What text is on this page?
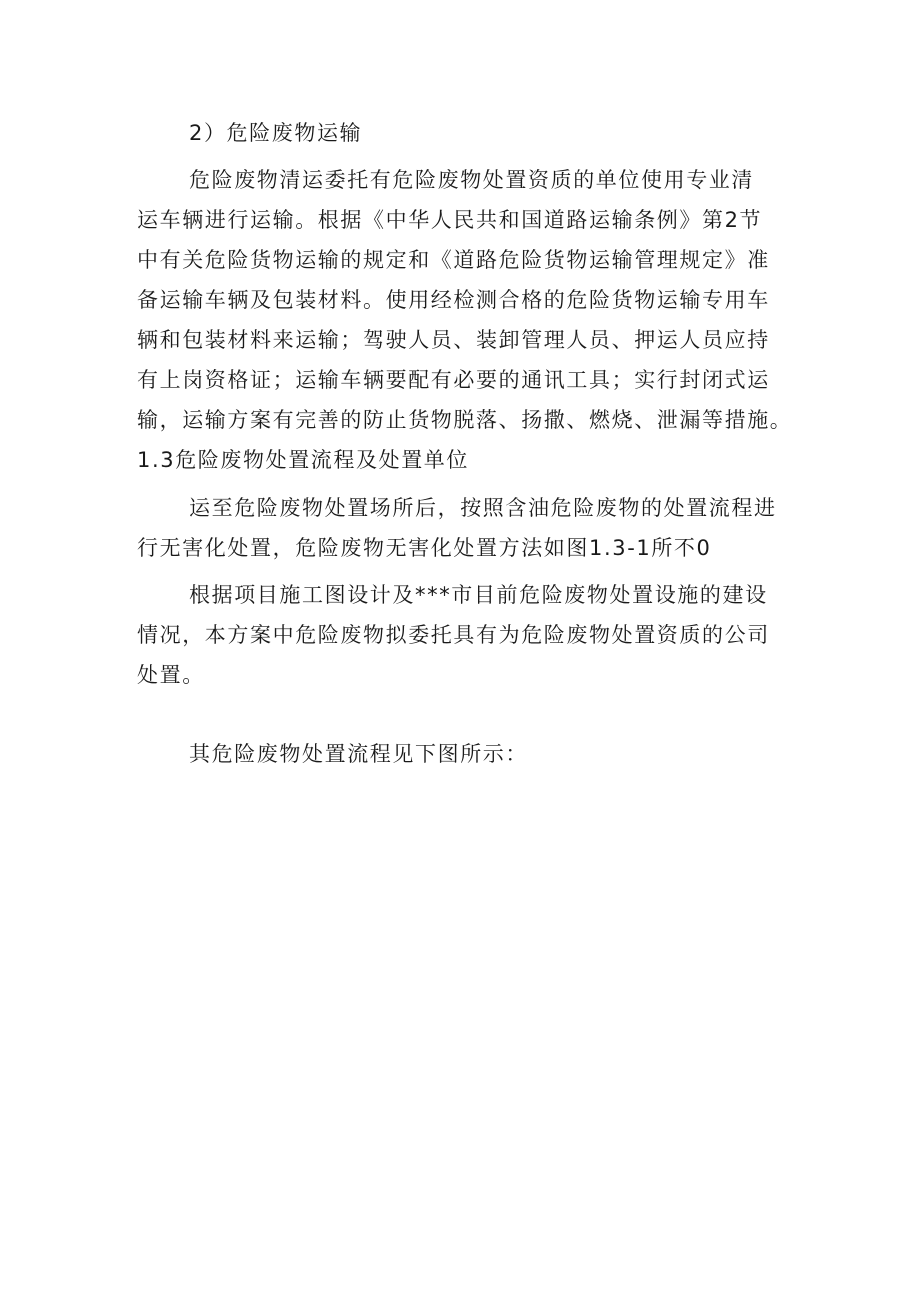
2）危险废物运输
危险废物清运委托有危险废物处置资质的单位使用专业清
运车辆进行运输。根据《中华人民共和国道路运输条例》第2节
中有关危险货物运输的规定和《道路危险货物运输管理规定》准
备运输车辆及包装材料。使用经检测合格的危险货物运输专用车
辆和包装材料来运输；驾驶人员、装卸管理人员、押运人员应持
有上岗资格证；运输车辆要配有必要的通讯工具；实行封闭式运
输，运输方案有完善的防止货物脱落、扬撒、燃烧、泄漏等措施。
1.3危险废物处置流程及处置单位
运至危险废物处置场所后，按照含油危险废物的处置流程进
行无害化处置，危险废物无害化处置方法如图1.3-1所不0
根据项目施工图设计及***市目前危险废物处置设施的建设
情况，本方案中危险废物拟委托具有为危险废物处置资质的公司
处置。
其危险废物处置流程见下图所示：
